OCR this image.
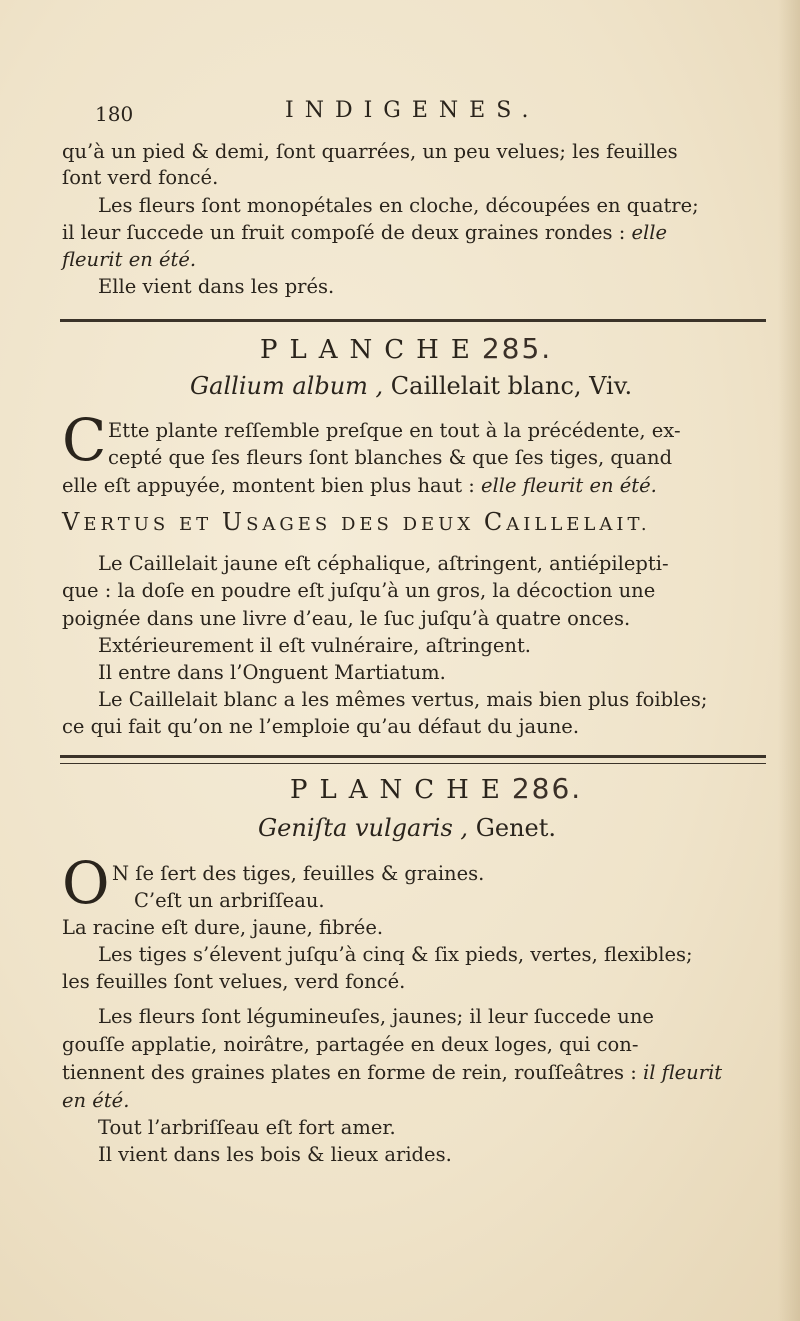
180	INDIGENES.

qu’à un pied & demi, ſont quarrées, un peu velues; les feuilles

ſont verd foncé.

Les fleurs ſont monopétales en cloche, découpées en quatre;

il leur ſuccede un fruit compoſé de deux graines rondes : elle

fleurit en été.

Elle vient dans les prés.

PLANCHE285.
Gallium album , Caillelait blanc, Viv.
C Ette plante reſſemble preſque en tout à la précédente, ex-

cepté que ſes fleurs ſont blanches & que ſes tiges, quand

elle eſt appuyée, montent bien plus haut : elle fleurit en été.

VERTUS ET USAGES DES DEUX CAILLELAIT.

Le Caillelait jaune eſt céphalique, aſtringent, antiépilepti-

que : la doſe en poudre eſt juſqu’à un gros, la décoction une

poignée dans une livre d’eau, le ſuc juſqu’à quatre onces.

Extérieurement il eſt vulnéraire, aſtringent.

Il entre dans l’Onguent Martiatum.

Le Caillelait blanc a les mêmes vertus, mais bien plus foibles;

ce qui fait qu’on ne l’emploie qu’au défaut du jaune.

PLANCHE286.
Geniſta vulgaris , Genet.
O N ſe ſert des tiges, feuilles & graines.

C’eſt un arbriſſeau.

La racine eſt dure, jaune, fibrée.

Les tiges s’élevent juſqu’à cinq & ſix pieds, vertes, flexibles;

les feuilles ſont velues, verd foncé.

Les fleurs ſont légumineuſes, jaunes; il leur ſuccede une

gouſſe applatie, noirâtre, partagée en deux loges, qui con-

tiennent des graines plates en forme de rein, rouſſeâtres : il fleurit

en été.

Tout l’arbriſſeau eſt fort amer.

Il vient dans les bois & lieux arides.
